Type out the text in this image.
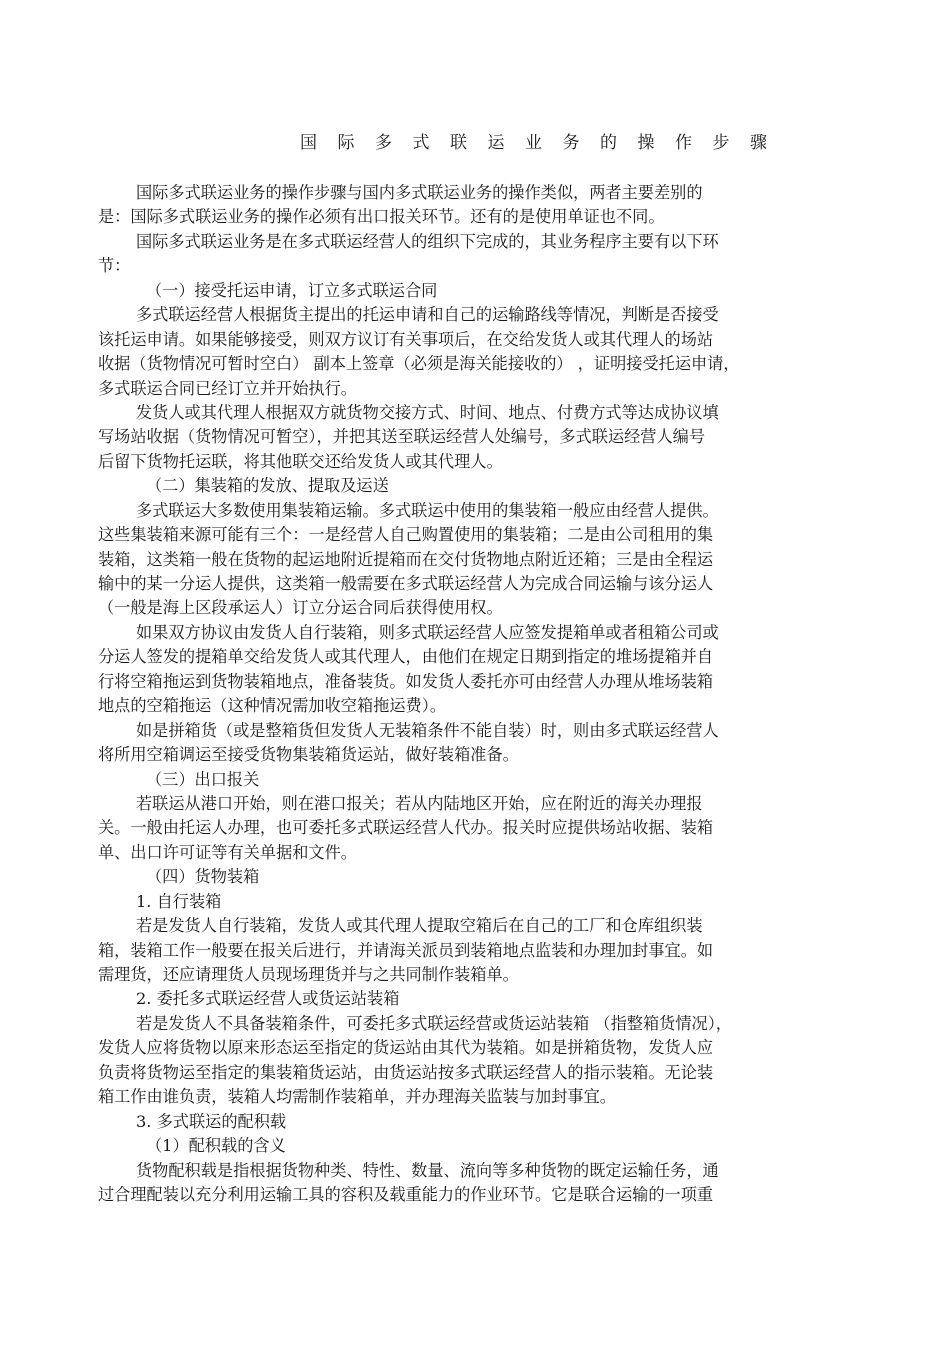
国际多式联运业务的操作步骤
国际多式联运业务的操作步骤与国内多式联运业务的操作类似，两者主要差别的
是：国际多式联运业务的操作必须有出口报关环节。还有的是使用单证也不同。
国际多式联运业务是在多式联运经营人的组织下完成的，其业务程序主要有以下环
节：
（一）接受托运申请，订立多式联运合同
多式联运经营人根据货主提出的托运申请和自己的运输路线等情况，判断是否接受
该托运申请。如果能够接受，则双方议订有关事项后，在交给发货人或其代理人的场站
收据（货物情况可暂时空白） 副本上签章（必须是海关能接收的） ，证明接受托运申请，
多式联运合同已经订立并开始执行。
发货人或其代理人根据双方就货物交接方式、时间、地点、付费方式等达成协议填
写场站收据（货物情况可暂空），并把其送至联运经营人处编号，多式联运经营人编号
后留下货物托运联，将其他联交还给发货人或其代理人。
（二）集装箱的发放、提取及运送
多式联运大多数使用集装箱运输。多式联运中使用的集装箱一般应由经营人提供。
这些集装箱来源可能有三个：一是经营人自己购置使用的集装箱；二是由公司租用的集
装箱，这类箱一般在货物的起运地附近提箱而在交付货物地点附近还箱；三是由全程运
输中的某一分运人提供，这类箱一般需要在多式联运经营人为完成合同运输与该分运人
（一般是海上区段承运人）订立分运合同后获得使用权。
如果双方协议由发货人自行装箱，则多式联运经营人应签发提箱单或者租箱公司或
分运人签发的提箱单交给发货人或其代理人，由他们在规定日期到指定的堆场提箱并自
行将空箱拖运到货物装箱地点，准备装货。如发货人委托亦可由经营人办理从堆场装箱
地点的空箱拖运（这种情况需加收空箱拖运费）。
如是拼箱货（或是整箱货但发货人无装箱条件不能自装）时，则由多式联运经营人
将所用空箱调运至接受货物集装箱货运站，做好装箱准备。
（三）出口报关
若联运从港口开始，则在港口报关；若从内陆地区开始，应在附近的海关办理报
关。一般由托运人办理，也可委托多式联运经营人代办。报关时应提供场站收据、装箱
单、出口许可证等有关单据和文件。
（四）货物装箱
1. 自行装箱
若是发货人自行装箱，发货人或其代理人提取空箱后在自己的工厂和仓库组织装
箱，装箱工作一般要在报关后进行，并请海关派员到装箱地点监装和办理加封事宜。如
需理货，还应请理货人员现场理货并与之共同制作装箱单。
2. 委托多式联运经营人或货运站装箱
若是发货人不具备装箱条件，可委托多式联运经营或货运站装箱 （指整箱货情况），
发货人应将货物以原来形态运至指定的货运站由其代为装箱。如是拼箱货物，发货人应
负责将货物运至指定的集装箱货运站，由货运站按多式联运经营人的指示装箱。无论装
箱工作由谁负责，装箱人均需制作装箱单，并办理海关监装与加封事宜。
3. 多式联运的配积载
（1）配积载的含义
货物配积载是指根据货物种类、特性、数量、流向等多种货物的既定运输任务，通
过合理配装以充分利用运输工具的容积及载重能力的作业环节。它是联合运输的一项重
